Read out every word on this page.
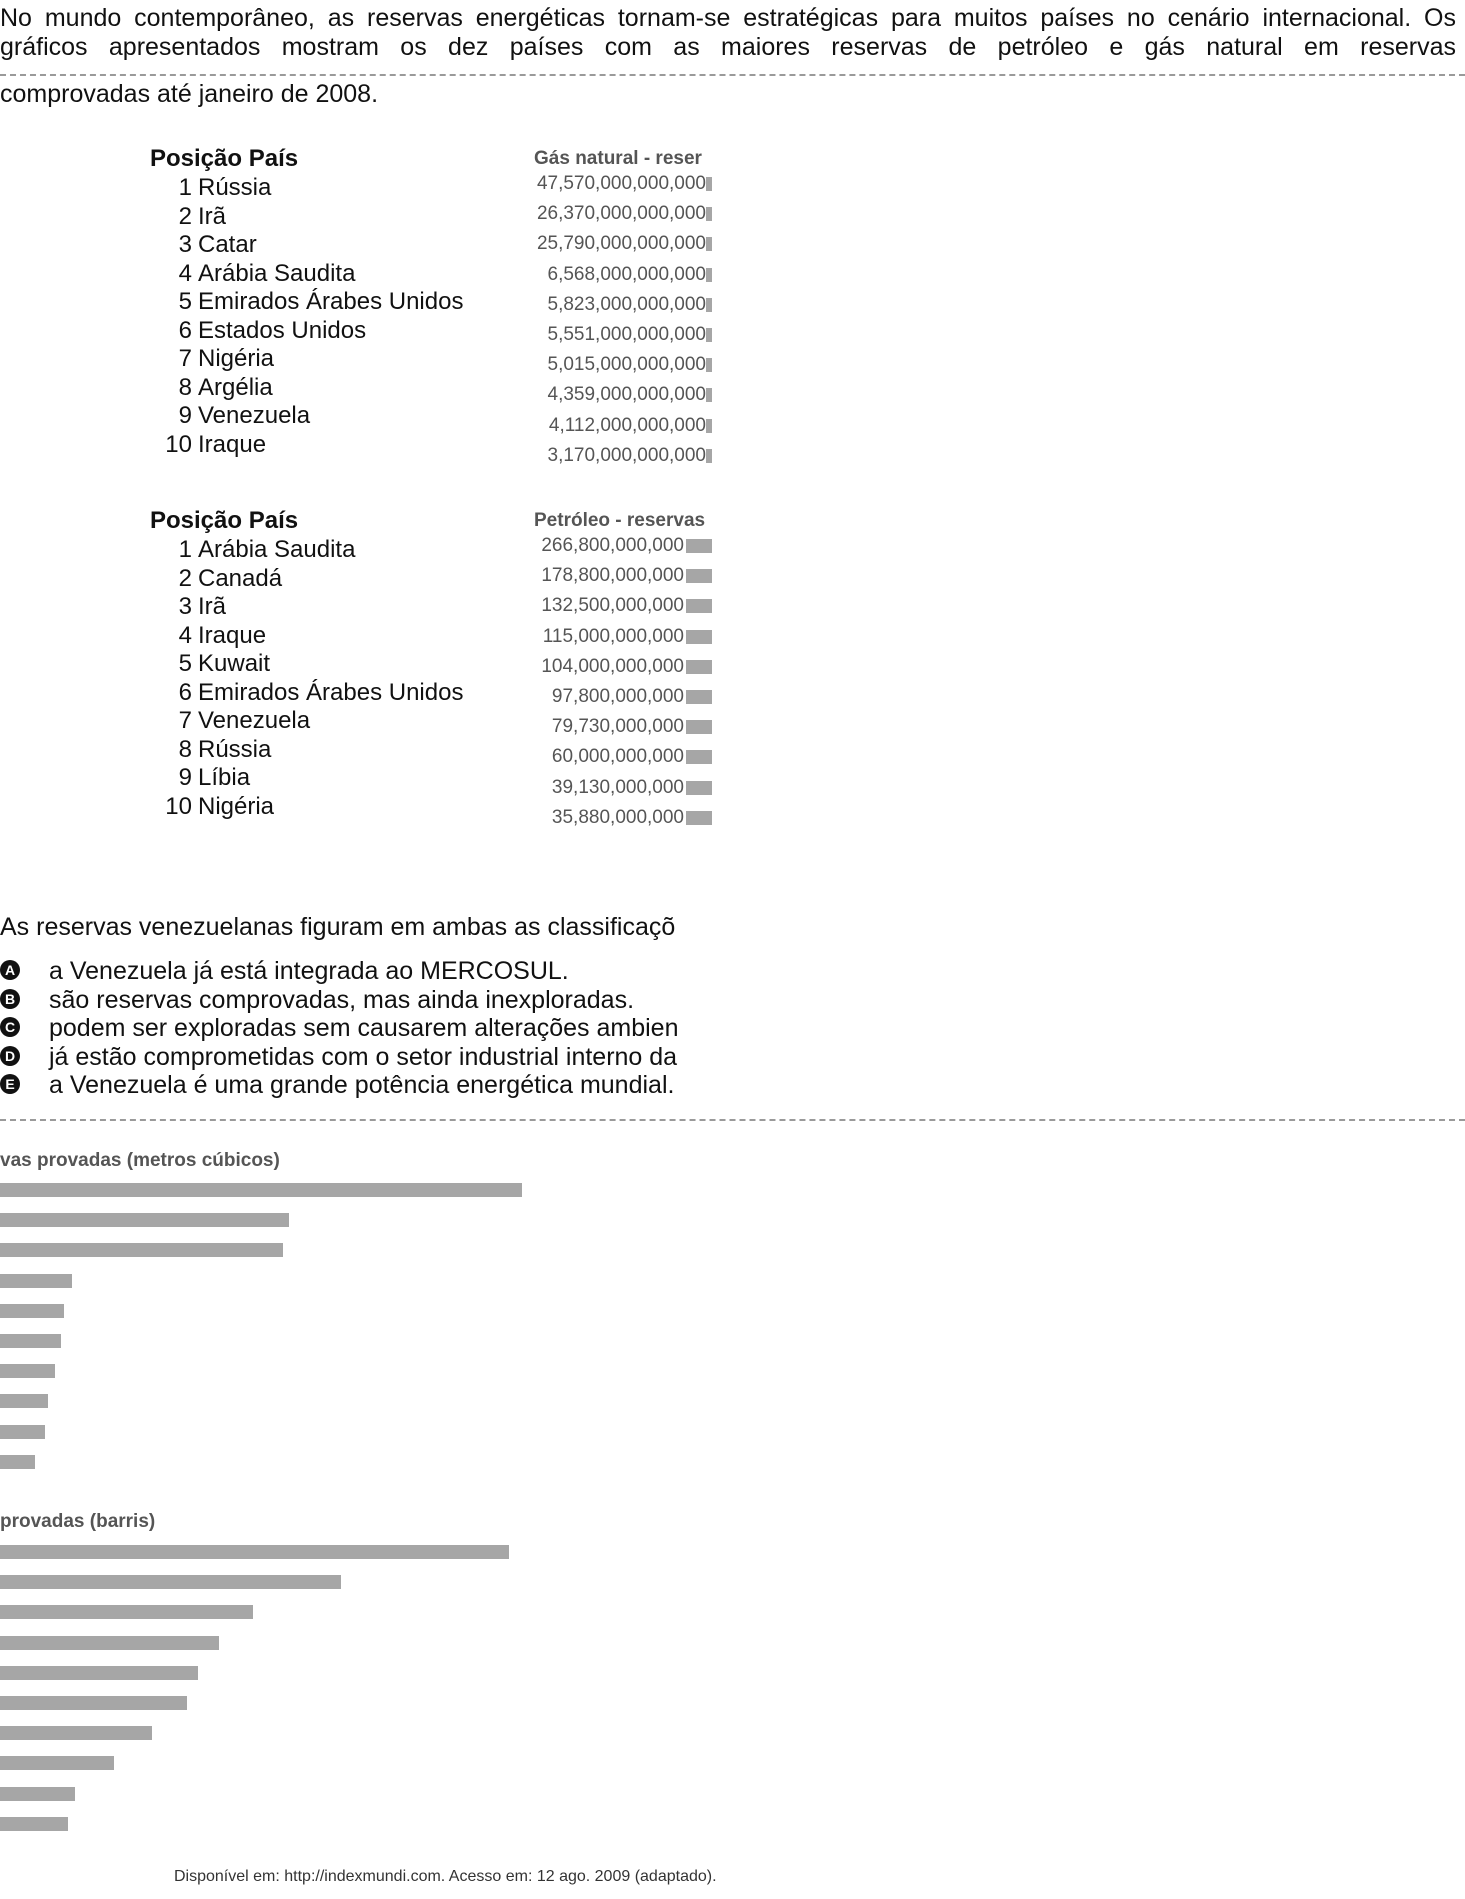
No mundo contemporâneo, as reservas energéticas tornam-se estratégicas para muitos países no cenário internacional. Os
gráficos apresentados mostram os dez países com as maiores reservas de petróleo e gás natural em reservas
comprovadas até janeiro de 2008.
Posição País
1 Rússia
2 Irã
3 Catar
4 Arábia Saudita
5 Emirados Árabes Unidos
6 Estados Unidos
7 Nigéria
8 Argélia
9 Venezuela
10 Iraque
Gás natural - reser
47,570,000,000,000
26,370,000,000,000
25,790,000,000,000
6,568,000,000,000
5,823,000,000,000
5,551,000,000,000
5,015,000,000,000
4,359,000,000,000
4,112,000,000,000
3,170,000,000,000
Posição País
1 Arábia Saudita
2 Canadá
3 Irã
4 Iraque
5 Kuwait
6 Emirados Árabes Unidos
7 Venezuela
8 Rússia
9 Líbia
10 Nigéria
Petróleo - reservas
266,800,000,000
178,800,000,000
132,500,000,000
115,000,000,000
104,000,000,000
97,800,000,000
79,730,000,000
60,000,000,000
39,130,000,000
35,880,000,000
As reservas venezuelanas figuram em ambas as classificaçõ
A a Venezuela já está integrada ao MERCOSUL.
B são reservas comprovadas, mas ainda inexploradas.
C podem ser exploradas sem causarem alterações ambien
D já estão comprometidas com o setor industrial interno da
E a Venezuela é uma grande potência energética mundial.
vas provadas (metros cúbicos)
provadas (barris)
Disponível em: http://indexmundi.com. Acesso em: 12 ago. 2009 (adaptado).
